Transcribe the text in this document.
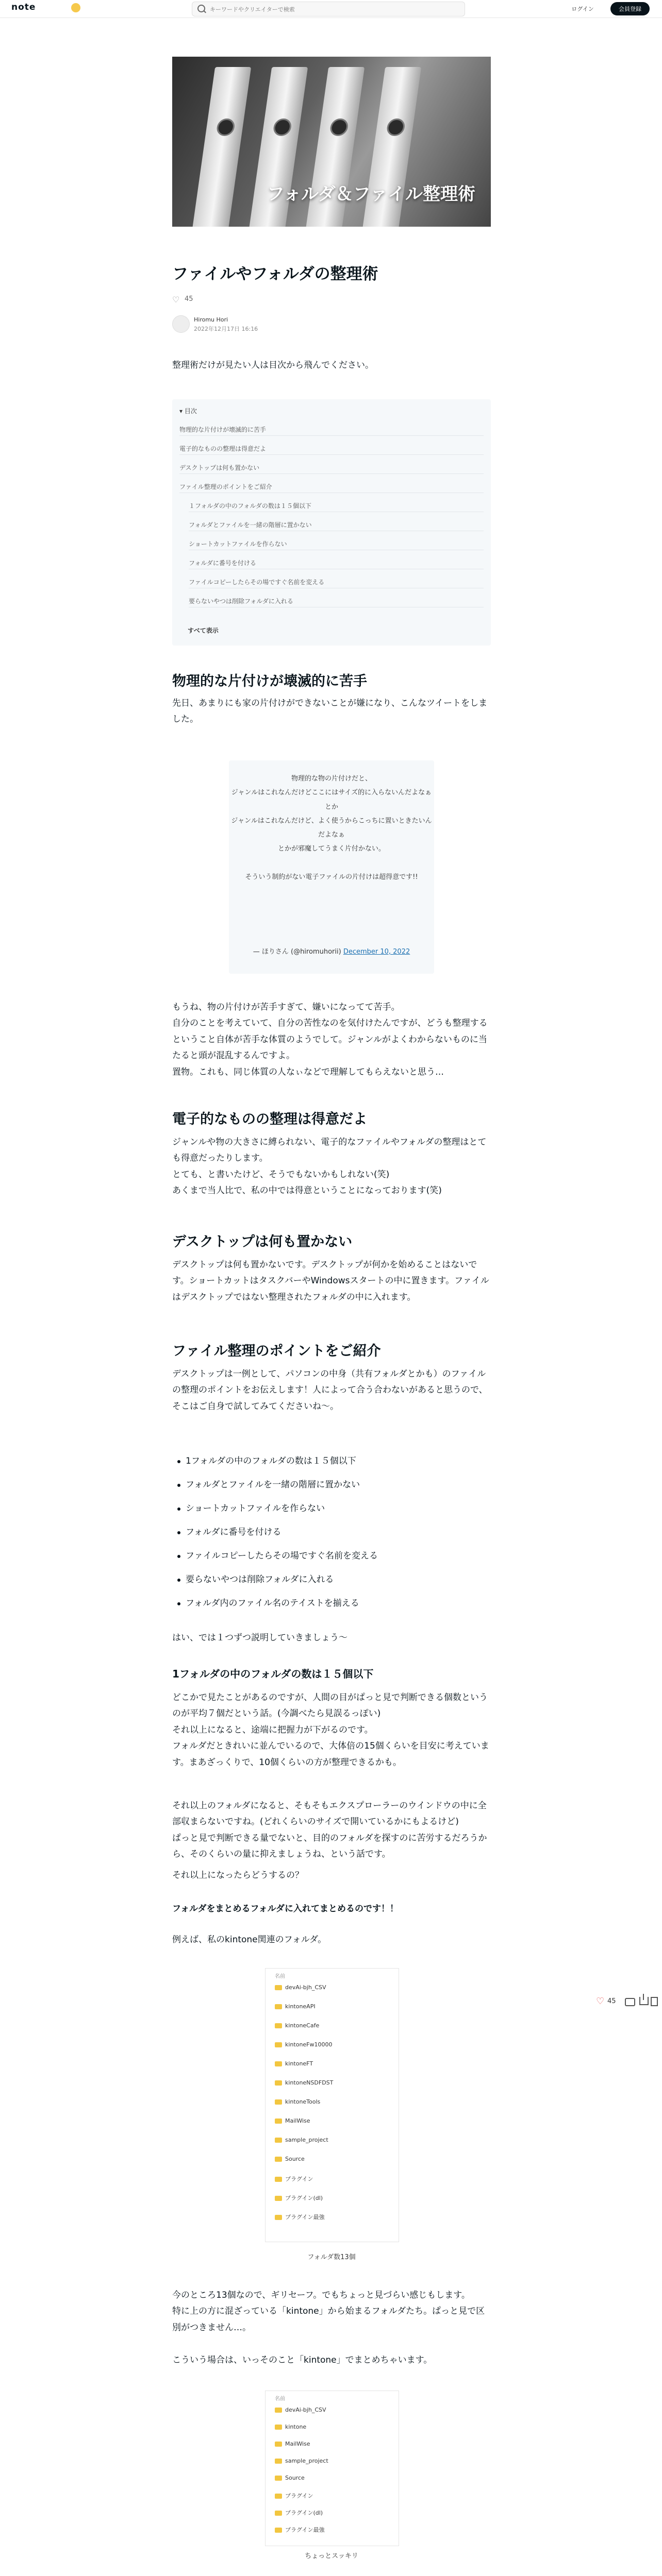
note
キーワードやクリエイターで検索	ログイン	会員登録
フォルダ＆ファイル整理術
ファイルやフォルダの整理術
♡ 45
Hiromu Hori
2022年12月17日 16:16

整理術だけが見たい人は目次から飛んでください。

▾ 目次
物理的な片付けが壊滅的に苦手
電子的なものの整理は得意だよ
デスクトップは何も置かない
ファイル整理のポイントをご紹介
１フォルダの中のフォルダの数は１５個以下
フォルダとファイルを一緒の階層に置かない
ショートカットファイルを作らない
フォルダに番号を付ける
ファイルコピーしたらその場ですぐ名前を変える
要らないやつは削除フォルダに入れる
すべて表示
物理的な片付けが壊滅的に苦手

先日、あまりにも家の片付けができないことが嫌になり、こんなツイートをしました。

物理的な物の片付けだと、

ジャンルはこれなんだけどここにはサイズ的に入らないんだよなぁ

とか

ジャンルはこれなんだけど、よく使うからこっちに置いときたいんだよなぁ

とかが邪魔してうまく片付かない。

そういう制約がない電子ファイルの片付けは超得意です!!

— ほりさん (@hiromuhorii) December 10, 2022

もうね、物の片付けが苦手すぎて、嫌いになってて苦手。

自分のことを考えていて、自分の苦性なのを気付けたんですが、どうも整理するということ自体が苦手な体質のようでして。ジャンルがよくわからないものに当たると頭が混乱するんですよ。

置物。これも、同じ体質の人なぃなどで理解してもらえないと思う…

電子的なものの整理は得意だよ

ジャンルや物の大きさに縛られない、電子的なファイルやフォルダの整理はとても得意だったりします。

とても、と書いたけど、そうでもないかもしれない(笑)

あくまで当人比で、私の中では得意ということになっております(笑)

デスクトップは何も置かない

デスクトップは何も置かないです。デスクトップが何かを始めることはないです。ショートカットはタスクバーやWindowsスタートの中に置きます。ファイルはデスクトップではない整理されたフォルダの中に入れます。

ファイル整理のポイントをご紹介

デスクトップは一例として、パソコンの中身（共有フォルダとかも）のファイルの整理のポイントをお伝えします！人によって合う合わないがあると思うので、そこはご自身で試してみてくださいね〜。

1フォルダの中のフォルダの数は１５個以下
フォルダとファイルを一緒の階層に置かない
ショートカットファイルを作らない
フォルダに番号を付ける
ファイルコピーしたらその場ですぐ名前を変える
要らないやつは削除フォルダに入れる
フォルダ内のファイル名のテイストを揃える

はい、では１つずつ説明していきましょう〜

1フォルダの中のフォルダの数は１５個以下

どこかで見たことがあるのですが、人間の目がぱっと見で判断できる個数というのが平均７個だという話。(今調べたら見誤るっぽい)

それ以上になると、途端に把握力が下がるのです。

フォルダだときれいに並んでいるので、大体倍の15個くらいを目安に考えています。まあざっくりで、10個くらいの方が整理できるかも。

それ以上のフォルダになると、そもそもエクスプローラーのウインドウの中に全部収まらないですね。(どれくらいのサイズで開いているかにもよるけど)

ぱっと見で判断できる量でないと、目的のフォルダを探すのに苦労するだろうから、そのくらいの量に抑えましょうね、という話です。

それ以上になったらどうするの？

フォルダをまとめるフォルダに入れてまとめるのです！！

例えば、私のkintone関連のフォルダ。

♡ 45
名前
devAi-bjh_CSV
kintoneAPI
kintoneCafe
kintoneFw10000
kintoneFT
kintoneNSDFDST
kintoneTools
MailWise
sample_project
Source
プラグイン
プラグイン(dl)
プラグイン最強
フォルダ数13個

今のところ13個なので、ギリセーフ。でもちょっと見づらい感じもします。

特に上の方に混ざっている「kintone」から始まるフォルダたち。ぱっと見で区別がつきません…。

こういう場合は、いっそのこと「kintone」でまとめちゃいます。

名前
devAi-bjh_CSV
kintone
MailWise
sample_project
Source
プラグイン
プラグイン(dl)
プラグイン最強
ちょっとスッキリ
